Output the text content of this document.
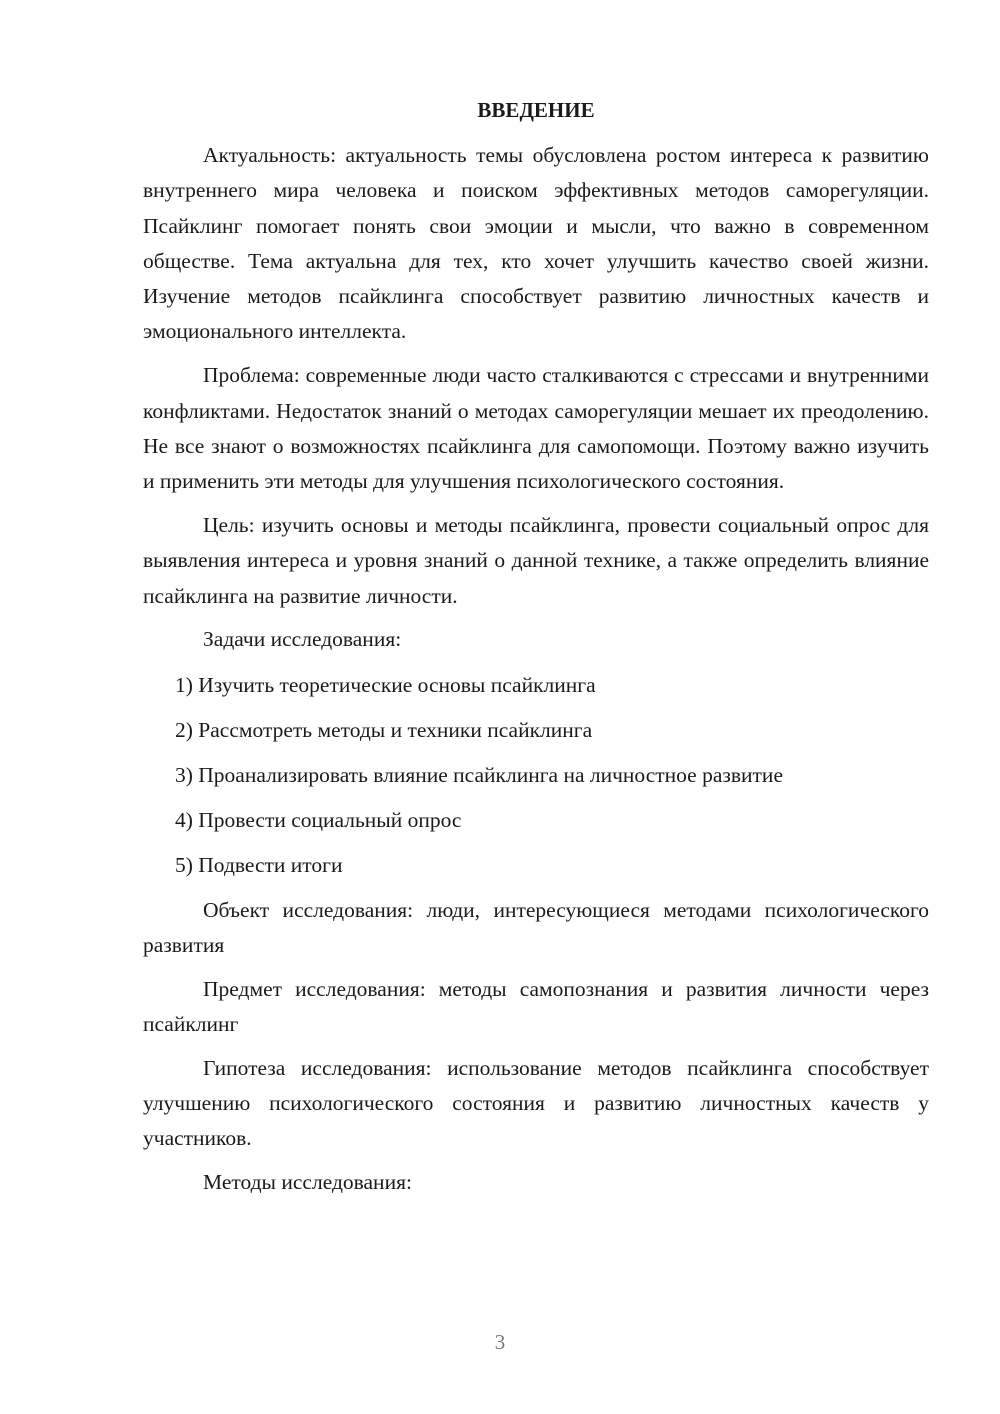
ВВЕДЕНИЕ

Актуальность: актуальность темы обусловлена ростом интереса к развитию внутреннего мира человека и поиском эффективных методов саморегуляции. Псайклинг помогает понять свои эмоции и мысли, что важно в современном обществе. Тема актуальна для тех, кто хочет улучшить качество своей жизни. Изучение методов псайклинга способствует развитию личностных качеств и эмоционального интеллекта.

Проблема: современные люди часто сталкиваются с стрессами и внутренними конфликтами. Недостаток знаний о методах саморегуляции мешает их преодолению. Не все знают о возможностях псайклинга для самопомощи. Поэтому важно изучить и применить эти методы для улучшения психологического состояния.

Цель: изучить основы и методы псайклинга, провести социальный опрос для выявления интереса и уровня знаний о данной технике, а также определить влияние псайклинга на развитие личности.

Задачи исследования:

1) Изучить теоретические основы псайклинга
2) Рассмотреть методы и техники псайклинга
3) Проанализировать влияние псайклинга на личностное развитие
4) Провести социальный опрос
5) Подвести итоги

Объект исследования: люди, интересующиеся методами психологического развития

Предмет исследования: методы самопознания и развития личности через псайклинг

Гипотеза исследования: использование методов псайклинга способствует улучшению психологического состояния и развитию личностных качеств у участников.

Методы исследования:

3
